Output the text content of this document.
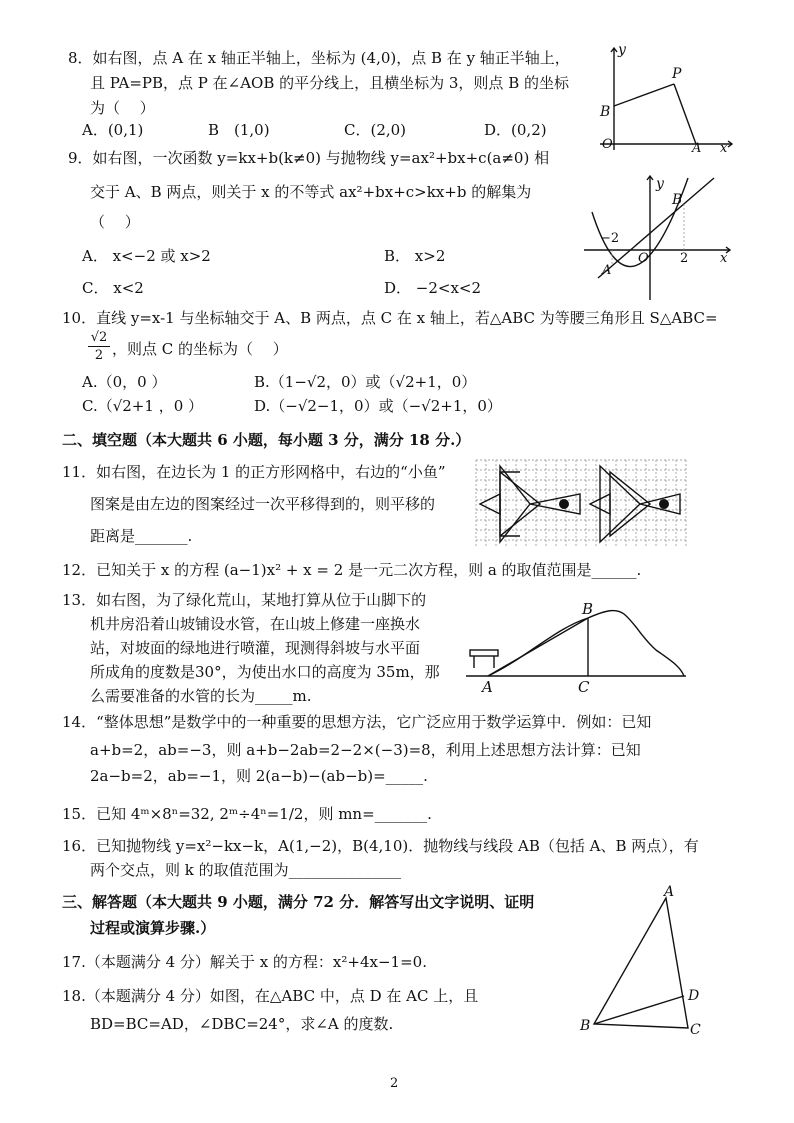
8．如右图，点 A 在 x 轴正半轴上，坐标为 (4,0)，点 B 在 y 轴正半轴上，
且 PA=PB，点 P 在∠AOB 的平分线上，且横坐标为 3，则点 B 的坐标
为（　 ）
A．(0,1)	B　(1,0)	C．(2,0)	D．(0,2)
y
P
B
O	A x
9．如右图，一次函数 y=kx+b(k≠0) 与抛物线 y=ax²+bx+c(a≠0) 相
交于 A、B 两点，则关于 x 的不等式 ax²+bx+c>kx+b 的解集为
（　 ）
A． x<−2 或 x>2	B． x>2
C． x<2	D． −2<x<2
y
B
−2
O 2 x
A
10．直线 y=x-1 与坐标轴交于 A、B 两点，点 C 在 x 轴上，若△ABC 为等腰三角形且 S△ABC=
√2
2 ，则点 C 的坐标为（　 ）
A.（0，0 ）	B.（1−√2，0）或（√2+1，0）
C.（√2+1 ，0 ）	D.（−√2−1，0）或（−√2+1，0）
二、填空题（本大题共 6 小题，每小题 3 分，满分 18 分.）
11．如右图，在边长为 1 的正方形网格中，右边的“小鱼”
图案是由左边的图案经过一次平移得到的，则平移的
距离是_______.
12．已知关于 x 的方程 (a−1)x² + x = 2 是一元二次方程，则 a 的取值范围是______.
13．如右图，为了绿化荒山，某地打算从位于山脚下的
机井房沿着山坡铺设水管，在山坡上修建一座换水
站，对坡面的绿地进行喷灌，现测得斜坡与水平面
所成角的度数是30°，为使出水口的高度为 35m，那
么需要准备的水管的长为_____m.
B
A	C
14．“整体思想”是数学中的一种重要的思想方法，它广泛应用于数学运算中．例如：已知
a+b=2，ab=−3，则 a+b−2ab=2−2×(−3)=8，利用上述思想方法计算：已知
2a−b=2，ab=−1，则 2(a−b)−(ab−b)=_____.
15．已知 4ᵐ×8ⁿ=32, 2ᵐ÷4ⁿ=1/2，则 mn=_______.
16．已知抛物线 y=x²−kx−k，A(1,−2)，B(4,10)．抛物线与线段 AB（包括 A、B 两点），有
两个交点，则 k 的取值范围为_______________
三、解答题（本大题共 9 小题，满分 72 分．解答写出文字说明、证明
过程或演算步骤.）
17.（本题满分 4 分）解关于 x 的方程：x²+4x−1=0.
18.（本题满分 4 分）如图，在△ABC 中，点 D 在 AC 上，且
BD=BC=AD，∠DBC=24°，求∠A 的度数.
A
D
B	C
2
